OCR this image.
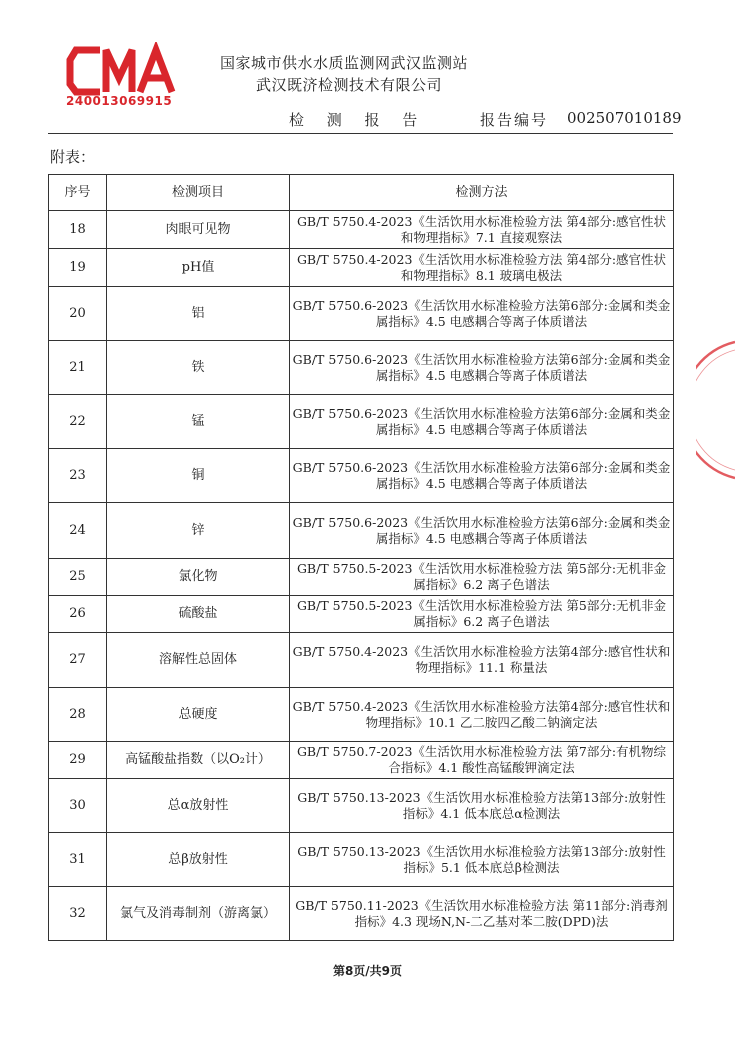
240013069915
国家城市供水水质监测网武汉监测站
武汉既济检测技术有限公司
检 测 报 告	报告编号 002507010189
附表：
序号	检测项目	检测方法
18	肉眼可见物	GB/T 5750.4-2023《生活饮用水标准检验方法 第4部分:感官性状和物理指标》7.1 直接观察法
19	pH值	GB/T 5750.4-2023《生活饮用水标准检验方法 第4部分:感官性状和物理指标》8.1 玻璃电极法
20	铝	GB/T 5750.6-2023《生活饮用水标准检验方法第6部分:金属和类金属指标》4.5 电感耦合等离子体质谱法
21	铁	GB/T 5750.6-2023《生活饮用水标准检验方法第6部分:金属和类金属指标》4.5 电感耦合等离子体质谱法
22	锰	GB/T 5750.6-2023《生活饮用水标准检验方法第6部分:金属和类金属指标》4.5 电感耦合等离子体质谱法
23	铜	GB/T 5750.6-2023《生活饮用水标准检验方法第6部分:金属和类金属指标》4.5 电感耦合等离子体质谱法
24	锌	GB/T 5750.6-2023《生活饮用水标准检验方法第6部分:金属和类金属指标》4.5 电感耦合等离子体质谱法
25	氯化物	GB/T 5750.5-2023《生活饮用水标准检验方法 第5部分:无机非金属指标》6.2 离子色谱法
26	硫酸盐	GB/T 5750.5-2023《生活饮用水标准检验方法 第5部分:无机非金属指标》6.2 离子色谱法
27	溶解性总固体	GB/T 5750.4-2023《生活饮用水标准检验方法第4部分:感官性状和物理指标》11.1 称量法
28	总硬度	GB/T 5750.4-2023《生活饮用水标准检验方法第4部分:感官性状和物理指标》10.1 乙二胺四乙酸二钠滴定法
29	高锰酸盐指数（以O₂计）	GB/T 5750.7-2023《生活饮用水标准检验方法 第7部分:有机物综合指标》4.1 酸性高锰酸钾滴定法
30	总α放射性	GB/T 5750.13-2023《生活饮用水标准检验方法第13部分:放射性指标》4.1 低本底总α检测法
31	总β放射性	GB/T 5750.13-2023《生活饮用水标准检验方法第13部分:放射性指标》5.1 低本底总β检测法
32	氯气及消毒制剂（游离氯）	GB/T 5750.11-2023《生活饮用水标准检验方法 第11部分:消毒剂指标》4.3 现场N,N-二乙基对苯二胺(DPD)法
第8页/共9页
